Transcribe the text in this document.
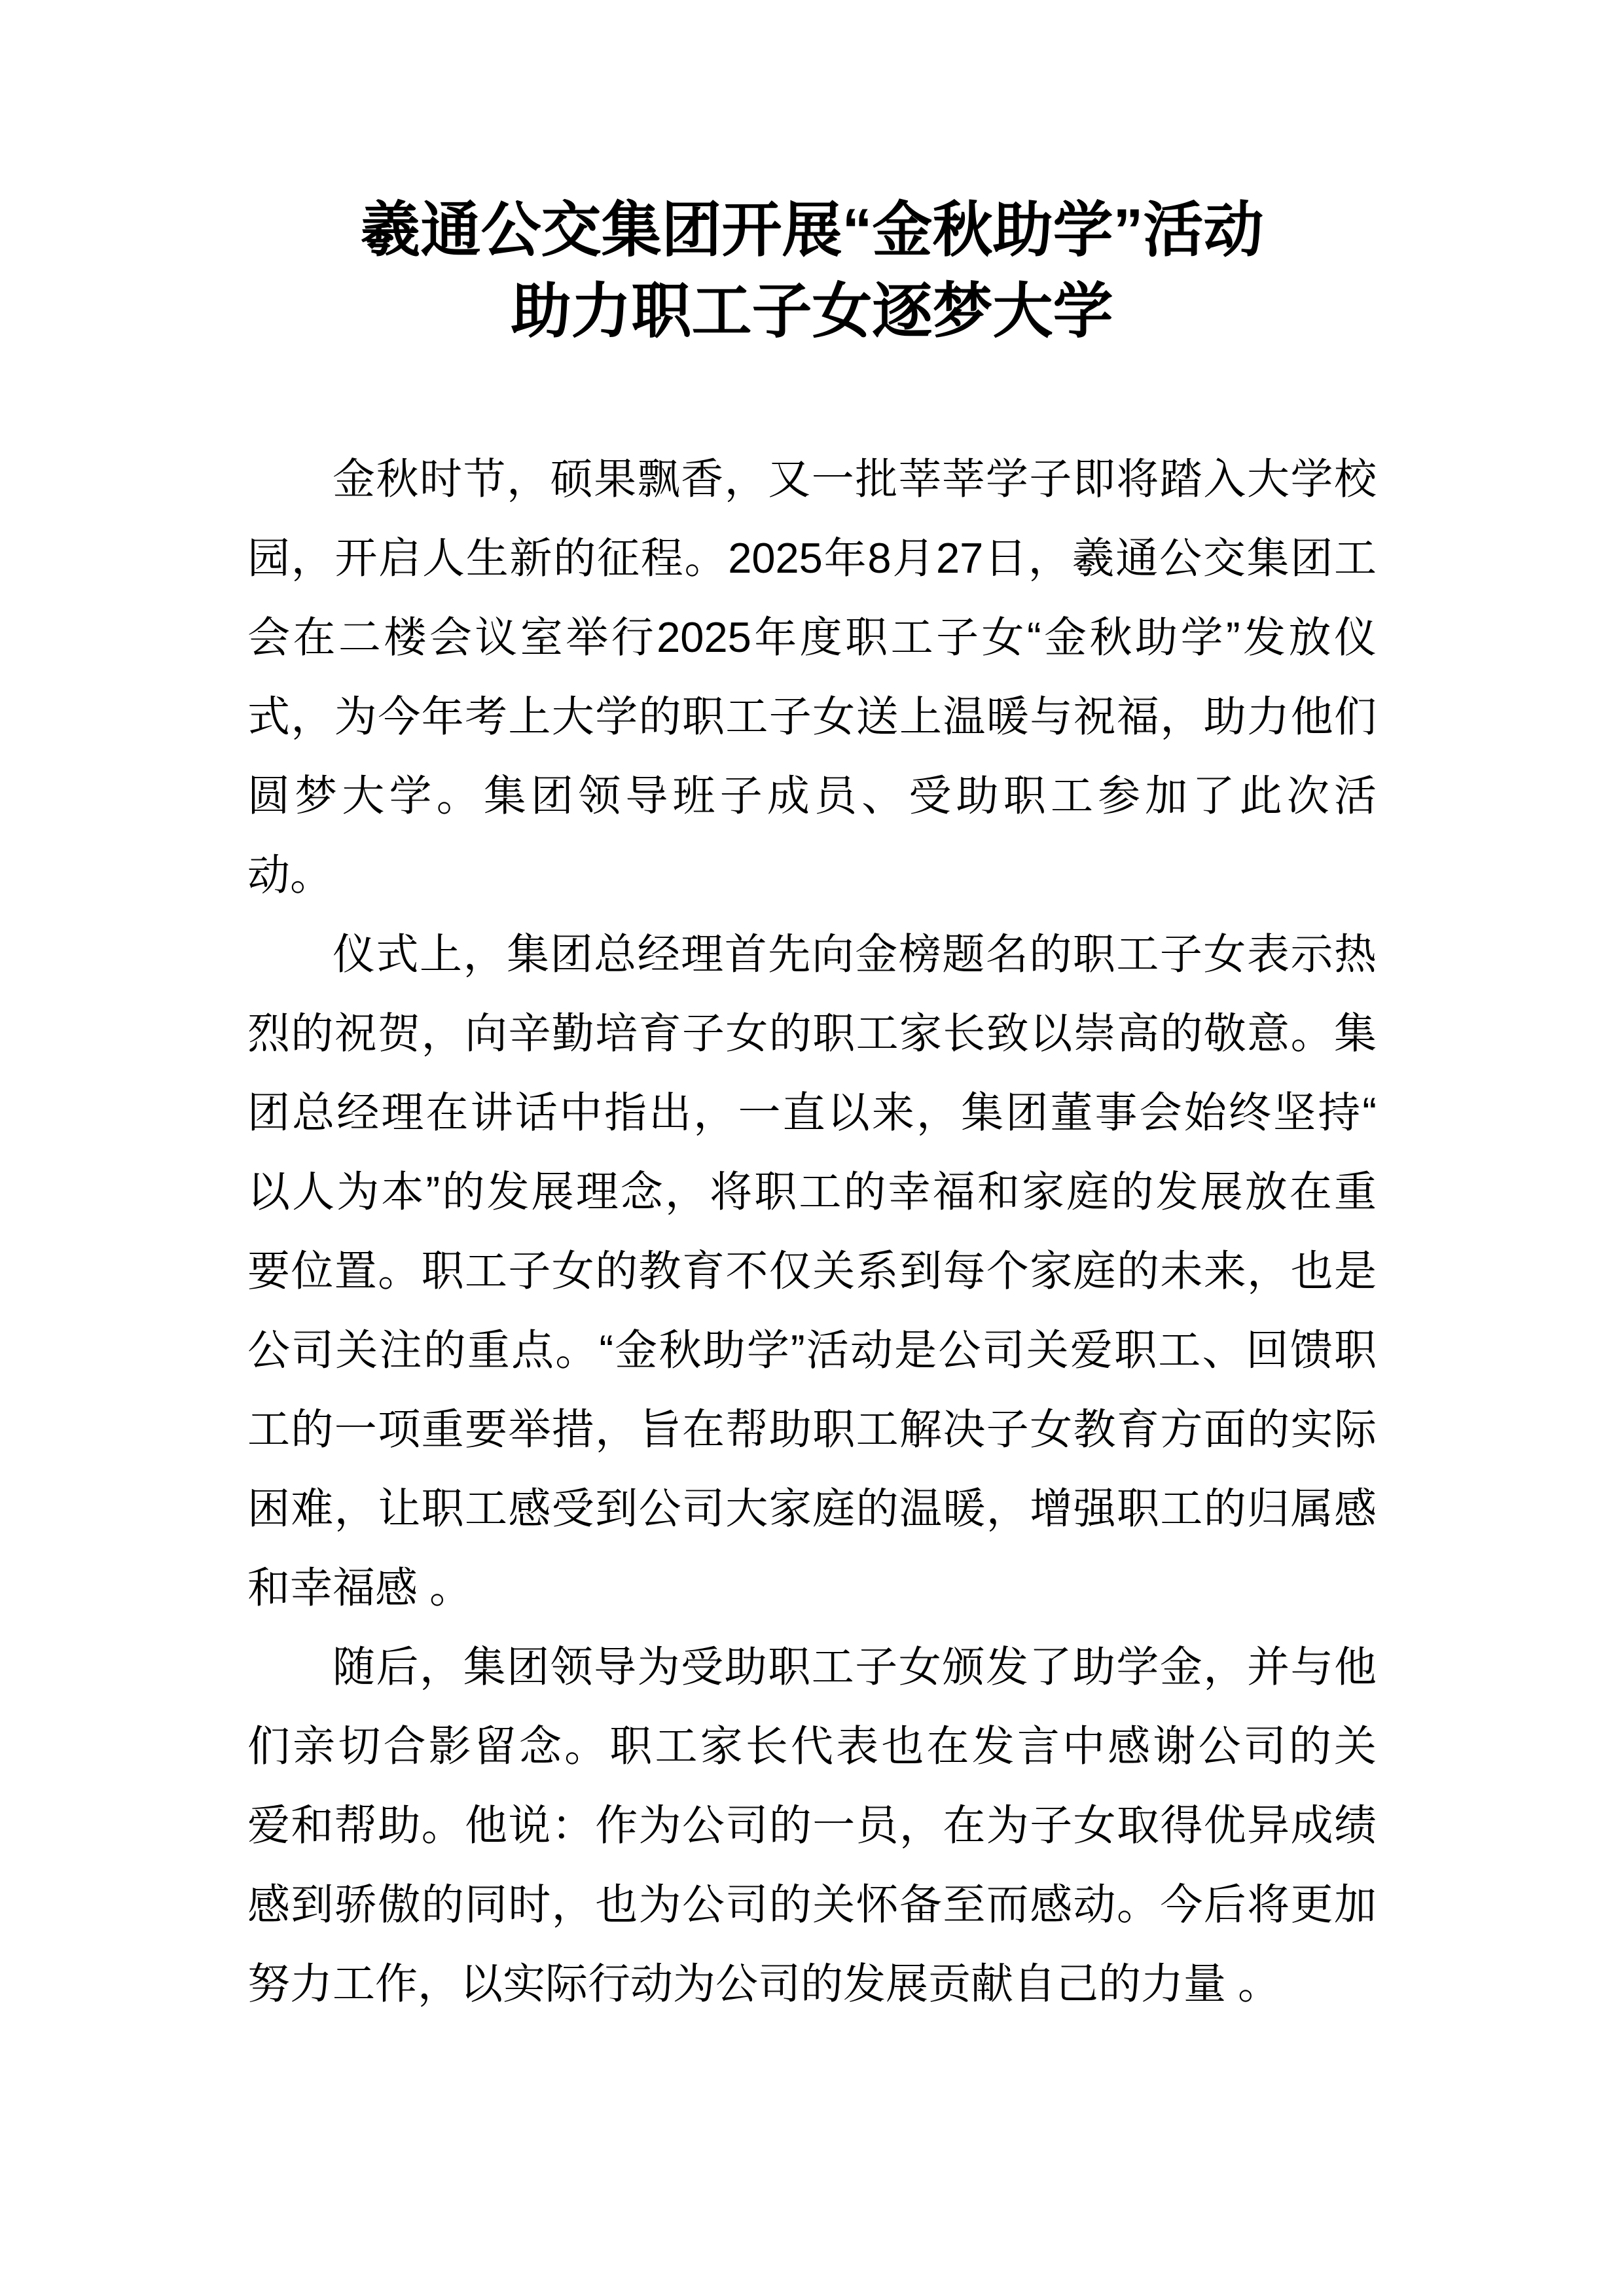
羲通公交集团开展“金秋助学”活动
助力职工子女逐梦大学
金秋时节，硕果飘香，又一批莘莘学子即将踏入大学校
园，开启人生新的征程。2025年8月27日，羲通公交集团工
会在二楼会议室举行2025年度职工子女“金秋助学”发放仪
式，为今年考上大学的职工子女送上温暖与祝福，助力他们
圆梦大学。集团领导班子成员、受助职工参加了此次活
动。
仪式上，集团总经理首先向金榜题名的职工子女表示热
烈的祝贺，向辛勤培育子女的职工家长致以崇高的敬意。集
团总经理在讲话中指出，一直以来，集团董事会始终坚持“
以人为本”的发展理念，将职工的幸福和家庭的发展放在重
要位置。职工子女的教育不仅关系到每个家庭的未来，也是
公司关注的重点。“金秋助学”活动是公司关爱职工、回馈职
工的一项重要举措，旨在帮助职工解决子女教育方面的实际
困难，让职工感受到公司大家庭的温暖，增强职工的归属感
和幸福感 。
随后，集团领导为受助职工子女颁发了助学金，并与他
们亲切合影留念。职工家长代表也在发言中感谢公司的关
爱和帮助。他说：作为公司的一员，在为子女取得优异成绩
感到骄傲的同时，也为公司的关怀备至而感动。今后将更加
努力工作，以实际行动为公司的发展贡献自己的力量 。
